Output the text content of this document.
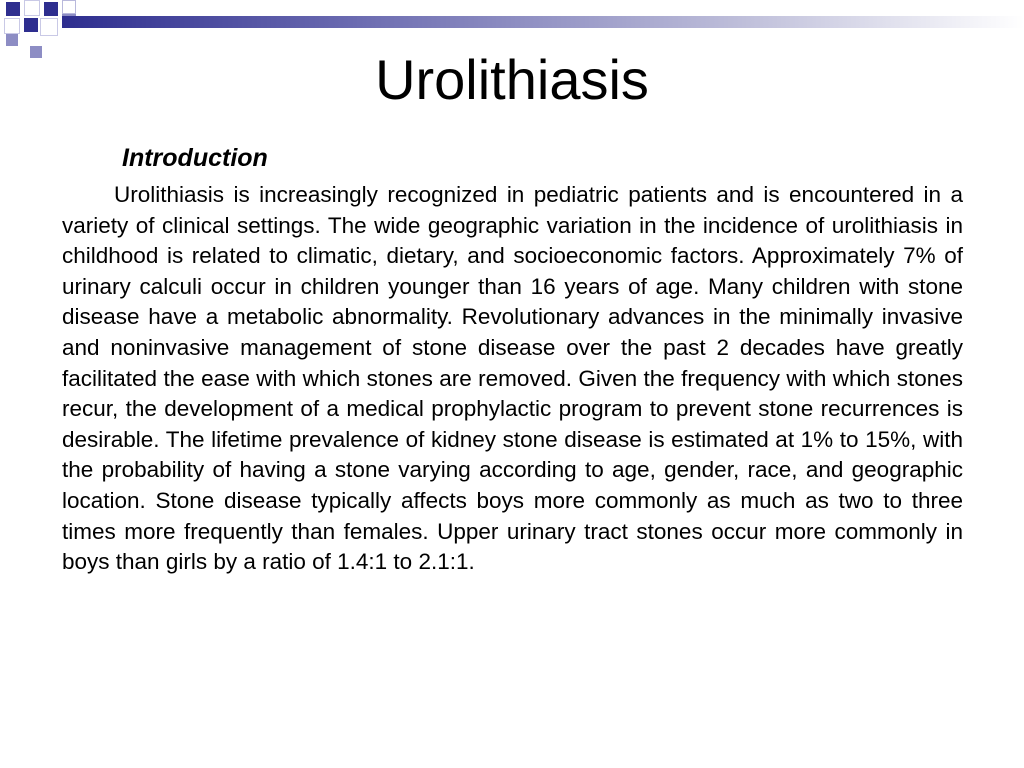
Urolithiasis
Introduction

Urolithiasis is increasingly recognized in pediatric patients and is encountered in a variety of clinical settings. The wide geographic variation in the incidence of urolithiasis in childhood is related to climatic, dietary, and socioeconomic factors. Approximately 7% of urinary calculi occur in children younger than 16 years of age. Many children with stone disease have a metabolic abnormality. Revolutionary advances in the minimally invasive and noninvasive management of stone disease over the past 2 decades have greatly facilitated the ease with which stones are removed. Given the frequency with which stones recur, the development of a medical prophylactic program to prevent stone recurrences is desirable. The lifetime prevalence of kidney stone disease is estimated at 1% to 15%, with the probability of having a stone varying according to age, gender, race, and geographic location. Stone disease typically affects boys more commonly as much as two to three times more frequently than females. Upper urinary tract stones occur more commonly in boys than girls by a ratio of 1.4:1 to 2.1:1.
